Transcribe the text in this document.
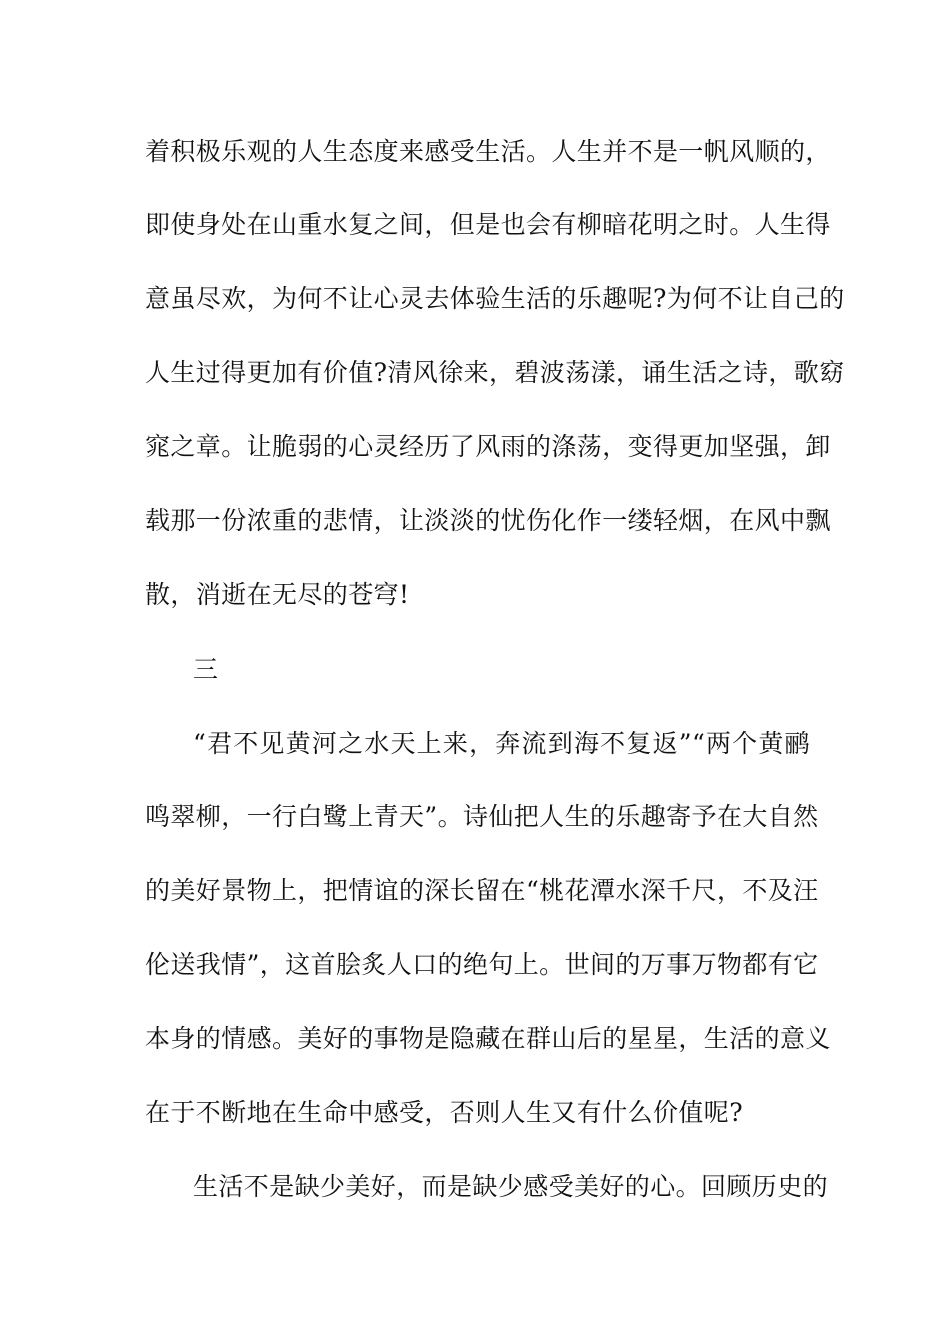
着积极乐观的人生态度来感受生活。人生并不是一帆风顺的，
即使身处在山重水复之间，但是也会有柳暗花明之时。人生得
意虽尽欢，为何不让心灵去体验生活的乐趣呢?为何不让自己的
人生过得更加有价值?清风徐来，碧波荡漾，诵生活之诗，歌窈
窕之章。让脆弱的心灵经历了风雨的涤荡，变得更加坚强，卸
载那一份浓重的悲情，让淡淡的忧伤化作一缕轻烟，在风中飘
散，消逝在无尽的苍穹!
三
“君不见黄河之水天上来，奔流到海不复返”“两个黄鹂
鸣翠柳，一行白鹭上青天”。诗仙把人生的乐趣寄予在大自然
的美好景物上，把情谊的深长留在“桃花潭水深千尺，不及汪
伦送我情”，这首脍炙人口的绝句上。世间的万事万物都有它
本身的情感。美好的事物是隐藏在群山后的星星，生活的意义
在于不断地在生命中感受，否则人生又有什么价值呢?
生活不是缺少美好，而是缺少感受美好的心。回顾历史的
